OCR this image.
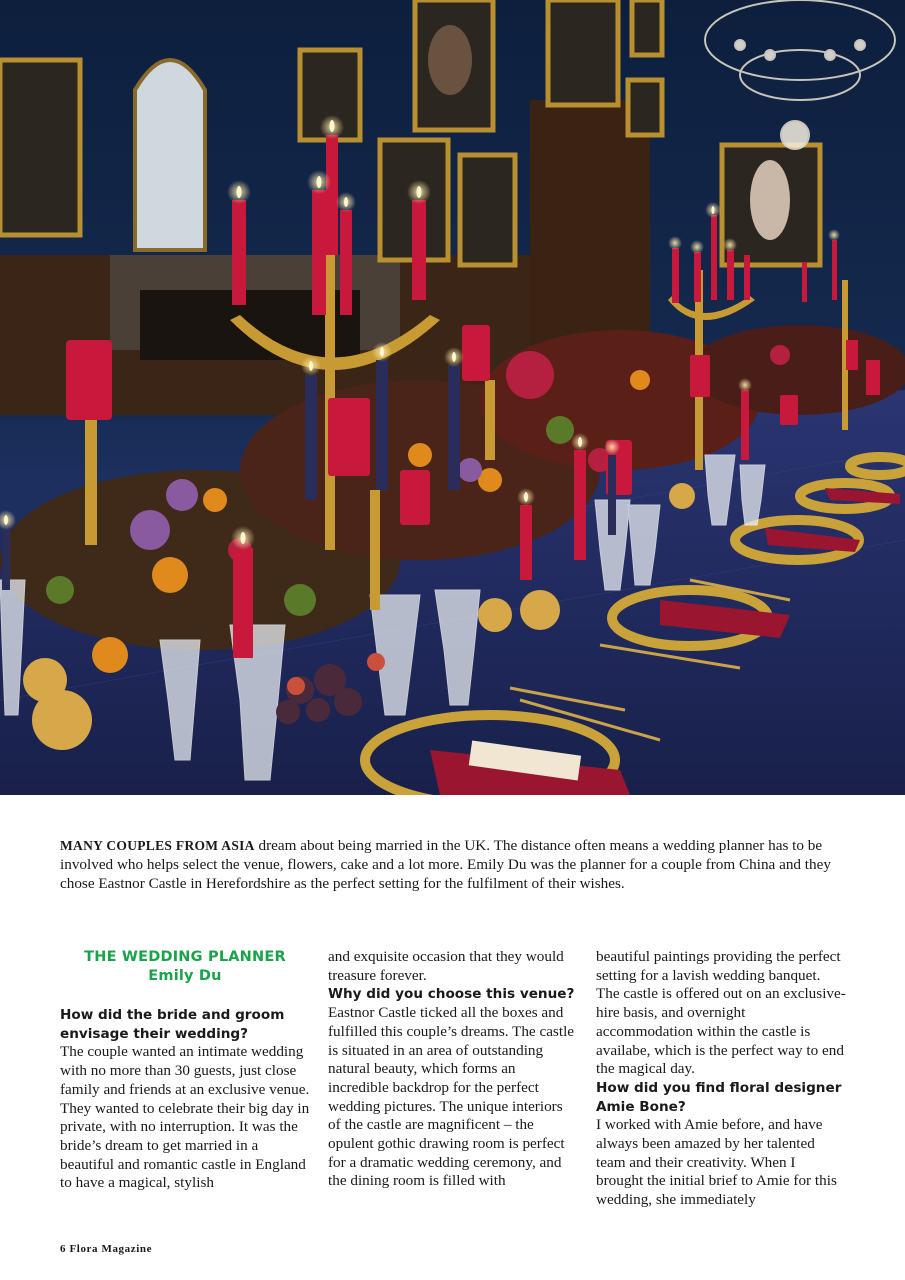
MANY COUPLES FROM ASIA dream about being married in the UK. The distance often means a wedding planner has to be involved who helps select the venue, flowers, cake and a lot more. Emily Du was the planner for a couple from China and they chose Eastnor Castle in Herefordshire as the perfect setting for the fulfilment of their wishes.
THE WEDDING PLANNER
Emily Du

How did the bride and groom envisage their wedding?

The couple wanted an intimate wedding with no more than 30 guests, just close family and friends at an exclusive venue. They wanted to celebrate their big day in private, with no interruption. It was the bride’s dream to get married in a beautiful and romantic castle in England to have a magical, stylish

and exquisite occasion that they would treasure forever.

Why did you choose this venue?

Eastnor Castle ticked all the boxes and fulfilled this couple’s dreams. The castle is situated in an area of outstanding natural beauty, which forms an incredible backdrop for the perfect wedding pictures. The unique interiors of the castle are magnificent – the opulent gothic drawing room is perfect for a dramatic wedding ceremony, and the dining room is filled with

beautiful paintings providing the perfect setting for a lavish wedding banquet. The castle is offered out on an exclusive-hire basis, and overnight accommodation within the castle is availabe, which is the perfect way to end the magical day.

How did you find floral designer Amie Bone?

I worked with Amie before, and have always been amazed by her talented team and their creativity. When I brought the initial brief to Amie for this wedding, she immediately

6 Flora Magazine
